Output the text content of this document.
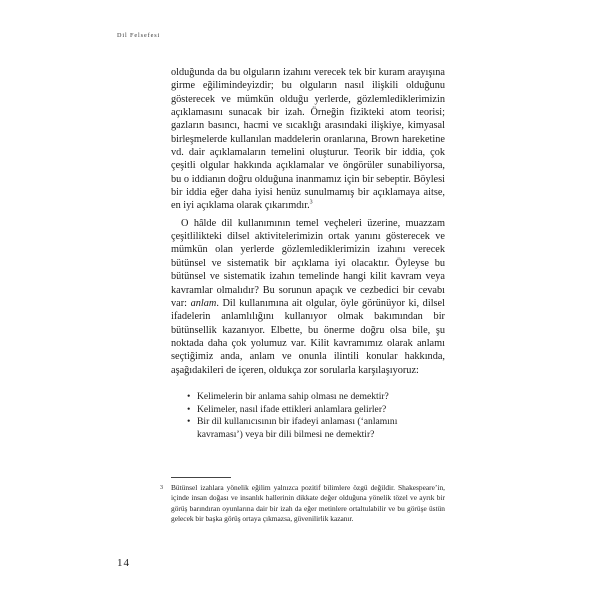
Dil Felsefesi

olduğunda da bu olguların izahını verecek tek bir kuram arayışına girme eğilimindeyizdir; bu olguların nasıl ilişkili olduğunu gösterecek ve mümkün olduğu yerlerde, gözlemlediklerimizin açıklamasını sunacak bir izah. Örneğin fizikteki atom teorisi; gazların basıncı, hacmi ve sıcaklığı arasındaki ilişkiye, kimyasal birleşmelerde kullanılan maddelerin oranlarına, Brown hareketine vd. dair açıklamaların temelini oluşturur. Teorik bir iddia, çok çeşitli olgular hakkında açıklamalar ve öngörüler sunabiliyorsa, bu o iddianın doğru olduğuna inanmamız için bir sebeptir. Böylesi bir iddia eğer daha iyisi henüz sunulmamış bir açıklamaya aitse, en iyi açıklama olarak çıkarımdır.$^3$

O hâlde dil kullanımının temel veçheleri üzerine, muazzam çeşitlilikteki dilsel aktivitelerimizin ortak yanını gösterecek ve mümkün olan yerlerde gözlemlediklerimizin izahını verecek bütünsel ve sistematik bir açıklama iyi olacaktır. Öyleyse bu bütünsel ve sistematik izahın temelinde hangi kilit kavram veya kavramlar olmalıdır? Bu sorunun apaçık ve cezbedici bir cevabı var: anlam. Dil kullanımına ait olgular, öyle görünüyor ki, dilsel ifadelerin anlamlılığını kullanıyor olmak bakımından bir bütünsellik kazanıyor. Elbette, bu önerme doğru olsa bile, şu noktada daha çok yolumuz var. Kilit kavramımız olarak anlamı seçtiğimiz anda, anlam ve onunla ilintili konular hakkında, aşağıdakileri de içeren, oldukça zor sorularla karşılaşıyoruz:

• Kelimelerin bir anlama sahip olması ne demektir?
• Kelimeler, nasıl ifade ettikleri anlamlara gelirler?
• Bir dil kullanıcısının bir ifadeyi anlaması (‘anlamını kavraması’) veya bir dili bilmesi ne demektir?
3 Bütünsel izahlara yönelik eğilim yalnızca pozitif bilimlere özgü değildir. Shakespeare’in, içinde insan doğası ve insanlık hallerinin dikkate değer olduğuna yönelik tözel ve ayrık bir görüş barındıran oyunlarına dair bir izah da eğer metinlere ortaltulabilir ve bu görüşe üstün gelecek bir başka görüş ortaya çıkmazsa, güvenilirlik kazanır.
14
